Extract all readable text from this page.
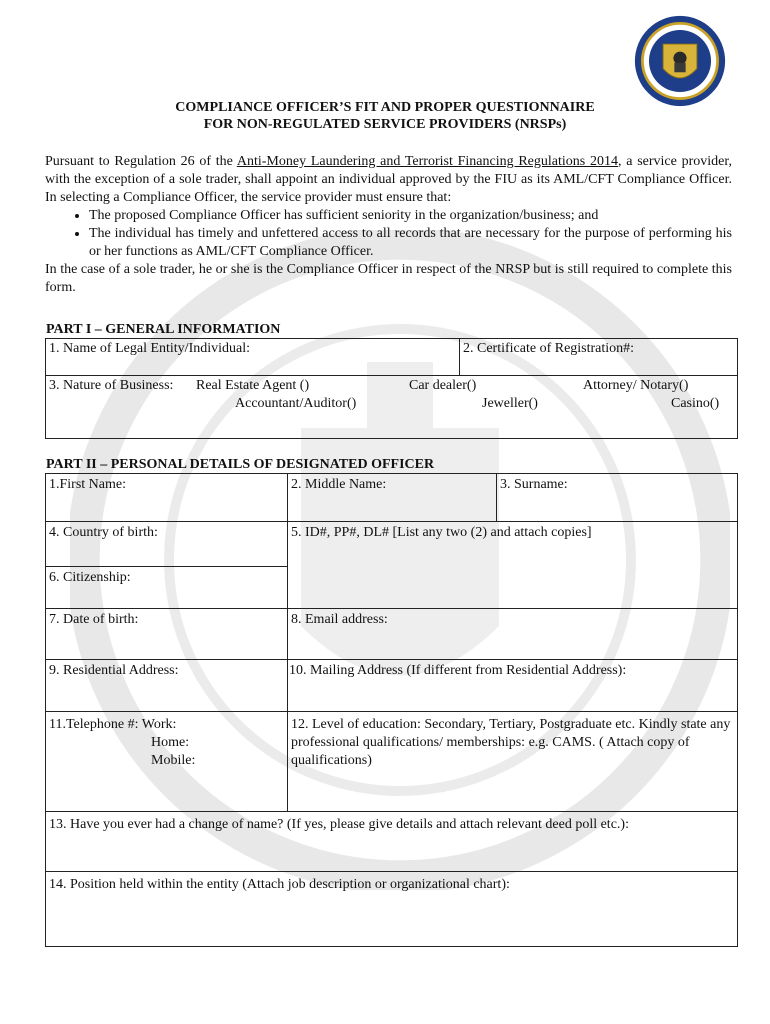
COMPLIANCE OFFICER’S FIT AND PROPER QUESTIONNAIRE
FOR NON-REGULATED SERVICE PROVIDERS (NRSPs)

Pursuant to Regulation 26 of the Anti-Money Laundering and Terrorist Financing Regulations 2014, a service provider, with the exception of a sole trader, shall appoint an individual approved by the FIU as its AML/CFT Compliance Officer. In selecting a Compliance Officer, the service provider must ensure that:

• The proposed Compliance Officer has sufficient seniority in the organization/business; and
• The individual has timely and unfettered access to all records that are necessary for the purpose of performing his or her functions as AML/CFT Compliance Officer.

In the case of a sole trader, he or she is the Compliance Officer in respect of the NRSP but is still required to complete this form.

PART I – GENERAL INFORMATION
1. Name of Legal Entity/Individual:	2. Certificate of Registration#:
3. Nature of Business: Real Estate Agent ()	Car dealer()	Attorney/ Notary()
Accountant/Auditor()	Jeweller()	Casino()
PART II – PERSONAL DETAILS OF DESIGNATED OFFICER
1.First Name:	2. Middle Name:	3. Surname:
4. Country of birth:	5. ID#, PP#, DL# [List any two (2) and attach copies]
6. Citizenship:
7. Date of birth:	8. Email address:
9. Residential Address:	10. Mailing Address (If different from Residential Address):
11.Telephone #: Work:
Home:
Mobile:
12. Level of education: Secondary, Tertiary, Postgraduate etc. Kindly state any professional qualifications/ memberships: e.g. CAMS. ( Attach copy of qualifications)
13. Have you ever had a change of name? (If yes, please give details and attach relevant deed poll etc.):
14. Position held within the entity (Attach job description or organizational chart):
